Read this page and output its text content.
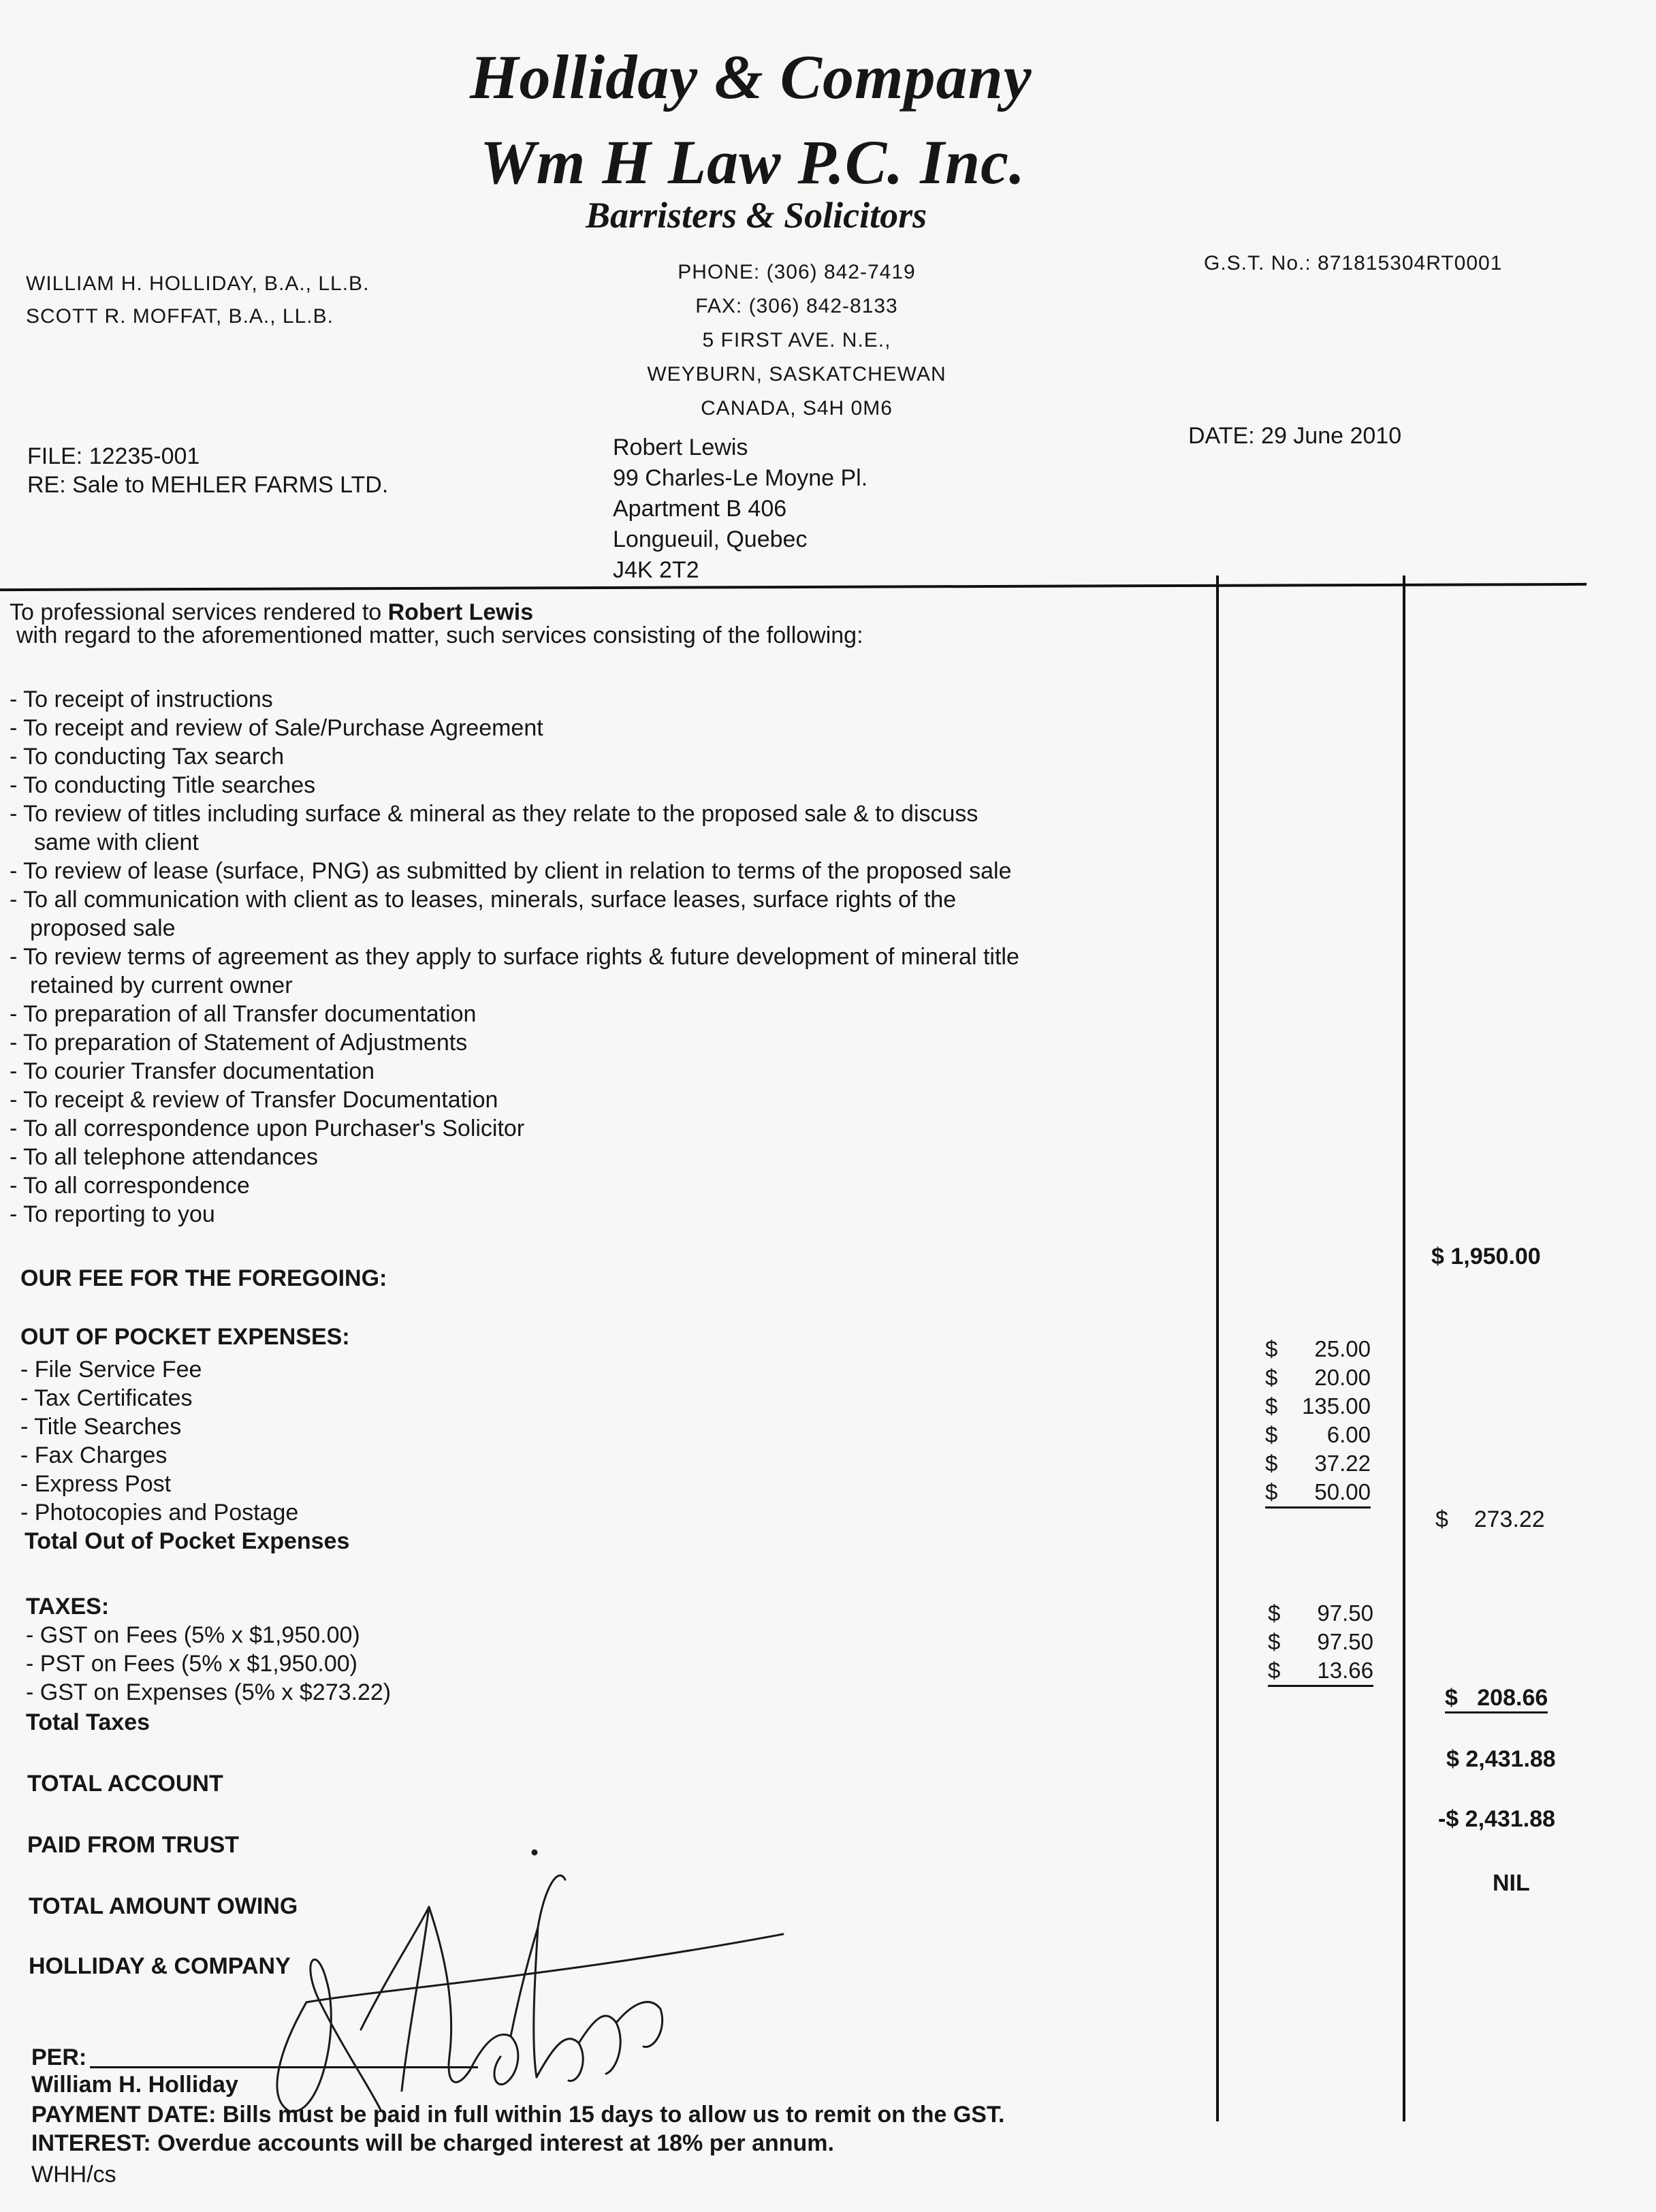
Holliday & Company
Wm H Law P.C. Inc.
Barristers & Solicitors
WILLIAM H. HOLLIDAY, B.A., LL.B.
SCOTT R. MOFFAT, B.A., LL.B.
PHONE: (306) 842-7419
FAX: (306) 842-8133
5 FIRST AVE. N.E.,
WEYBURN, SASKATCHEWAN
CANADA, S4H 0M6
G.S.T. No.: 871815304RT0001
FILE: 12235-001
RE: Sale to MEHLER FARMS LTD.
DATE: 29 June 2010
Robert Lewis
99 Charles-Le Moyne Pl.
Apartment B 406
Longueuil, Quebec
J4K 2T2
To professional services rendered to Robert Lewis
with regard to the aforementioned matter, such services consisting of the following:
- To receipt of instructions
- To receipt and review of Sale/Purchase Agreement
- To conducting Tax search
- To conducting Title searches
- To review of titles including surface & mineral as they relate to the proposed sale & to discuss
same with client
- To review of lease (surface, PNG) as submitted by client in relation to terms of the proposed sale
- To all communication with client as to leases, minerals, surface leases, surface rights of the
proposed sale
- To review terms of agreement as they apply to surface rights & future development of mineral title
retained by current owner
- To preparation of all Transfer documentation
- To preparation of Statement of Adjustments
- To courier Transfer documentation
- To receipt & review of Transfer Documentation
- To all correspondence upon Purchaser's Solicitor
- To all telephone attendances
- To all correspondence
- To reporting to you
OUR FEE FOR THE FOREGOING:
$ 1,950.00
OUT OF POCKET EXPENSES:
- File Service Fee
- Tax Certificates
- Title Searches
- Fax Charges
- Express Post
- Photocopies and Postage
Total Out of Pocket Expenses
$ 25.00
$ 20.00
$ 135.00
$ 6.00
$ 37.22
$ 50.00
$ 273.22
TAXES:
- GST on Fees (5% x $1,950.00)
- PST on Fees (5% x $1,950.00)
- GST on Expenses (5% x $273.22)
Total Taxes
$ 97.50
$ 97.50
$ 13.66
$ 208.66
TOTAL ACCOUNT
$ 2,431.88
PAID FROM TRUST
-$ 2,431.88
TOTAL AMOUNT OWING
NIL
HOLLIDAY & COMPANY
PER:
William H. Holliday
PAYMENT DATE: Bills must be paid in full within 15 days to allow us to remit on the GST.
INTEREST: Overdue accounts will be charged interest at 18% per annum.
WHH/cs
